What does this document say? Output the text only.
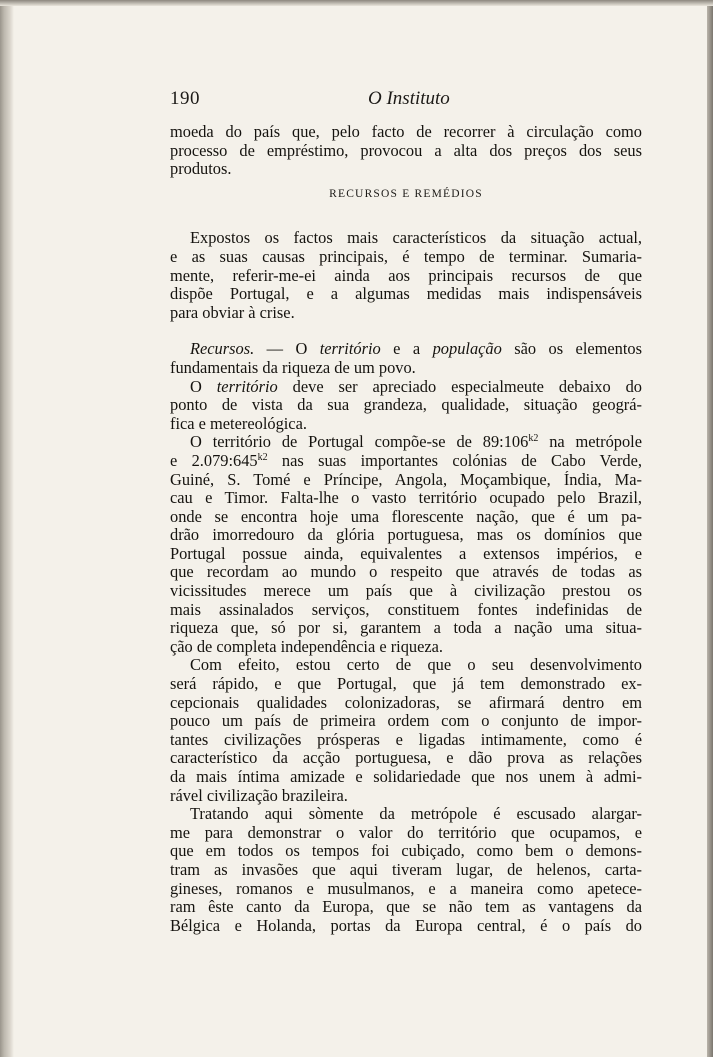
190	O Instituto
moeda do país que, pelo facto de recorrer à circulação como
processo de empréstimo, provocou a alta dos preços dos seus
produtos.
RECURSOS E REMÉDIOS
Expostos os factos mais característicos da situação actual,
e as suas causas principais, é tempo de terminar. Sumaria-
mente, referir-me-ei ainda aos principais recursos de que
dispõe Portugal, e a algumas medidas mais indispensáveis
para obviar à crise.
Recursos. — O território e a população são os elementos
fundamentais da riqueza de um povo.
O território deve ser apreciado especialmeute debaixo do
ponto de vista da sua grandeza, qualidade, situação geográ-
fica e metereológica.
O território de Portugal compõe-se de $89:106^{k2}$ na metrópole
e $2.079:645^{k2}$ nas suas importantes colónias de Cabo Verde,
Guiné, S. Tomé e Príncipe, Angola, Moçambique, Índia, Ma-
cau e Timor. Falta-lhe o vasto território ocupado pelo Brazil,
onde se encontra hoje uma florescente nação, que é um pa-
drão imorredouro da glória portuguesa, mas os domínios que
Portugal possue ainda, equivalentes a extensos impérios, e
que recordam ao mundo o respeito que através de todas as
vicissitudes merece um país que à civilização prestou os
mais assinalados serviços, constituem fontes indefinidas de
riqueza que, só por si, garantem a toda a nação uma situa-
ção de completa independência e riqueza.
Com efeito, estou certo de que o seu desenvolvimento
será rápido, e que Portugal, que já tem demonstrado ex-
cepcionais qualidades colonizadoras, se afirmará dentro em
pouco um país de primeira ordem com o conjunto de impor-
tantes civilizações prósperas e ligadas intimamente, como é
característico da acção portuguesa, e dão prova as relações
da mais íntima amizade e solidariedade que nos unem à admi-
rável civilização brazileira.
Tratando aqui sòmente da metrópole é escusado alargar-
me para demonstrar o valor do território que ocupamos, e
que em todos os tempos foi cubiçado, como bem o demons-
tram as invasões que aqui tiveram lugar, de helenos, carta-
gineses, romanos e musulmanos, e a maneira como apetece-
ram êste canto da Europa, que se não tem as vantagens da
Bélgica e Holanda, portas da Europa central, é o país do
